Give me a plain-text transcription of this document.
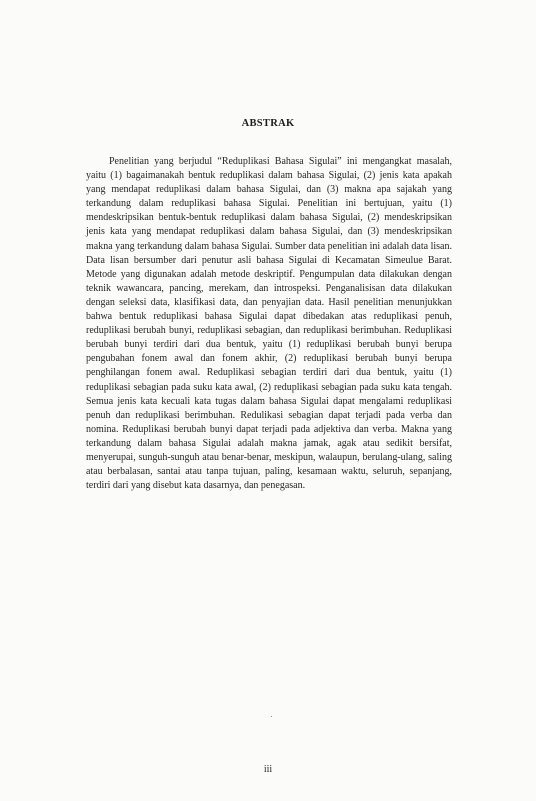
ABSTRAK

Penelitian yang berjudul “Reduplikasi Bahasa Sigulai” ini mengangkat masalah, yaitu (1) bagaimanakah bentuk reduplikasi dalam bahasa Sigulai, (2) jenis kata apakah yang mendapat reduplikasi dalam bahasa Sigulai, dan (3) makna apa sajakah yang terkandung dalam reduplikasi bahasa Sigulai. Penelitian ini bertujuan, yaitu (1) mendeskripsikan bentuk-bentuk reduplikasi dalam bahasa Sigulai, (2) mendeskripsikan jenis kata yang mendapat reduplikasi dalam bahasa Sigulai, dan (3) mendeskripsikan makna yang terkandung dalam bahasa Sigulai. Sumber data penelitian ini adalah data lisan. Data lisan bersumber dari penutur asli bahasa Sigulai di Kecamatan Simeulue Barat. Metode yang digunakan adalah metode deskriptif. Pengumpulan data dilakukan dengan teknik wawancara, pancing, merekam, dan introspeksi. Penganalisisan data dilakukan dengan seleksi data, klasifikasi data, dan penyajian data. Hasil penelitian menunjukkan bahwa bentuk reduplikasi bahasa Sigulai dapat dibedakan atas reduplikasi penuh, reduplikasi berubah bunyi, reduplikasi sebagian, dan reduplikasi berimbuhan. Reduplikasi berubah bunyi terdiri dari dua bentuk, yaitu (1) reduplikasi berubah bunyi berupa pengubahan fonem awal dan fonem akhir, (2) reduplikasi berubah bunyi berupa penghilangan fonem awal. Reduplikasi sebagian terdiri dari dua bentuk, yaitu (1) reduplikasi sebagian pada suku kata awal, (2) reduplikasi sebagian pada suku kata tengah. Semua jenis kata kecuali kata tugas dalam bahasa Sigulai dapat mengalami reduplikasi penuh dan reduplikasi berimbuhan. Redulikasi sebagian dapat terjadi pada verba dan nomina. Reduplikasi berubah bunyi dapat terjadi pada adjektiva dan verba. Makna yang terkandung dalam bahasa Sigulai adalah makna jamak, agak atau sedikit bersifat, menyerupai, sunguh-sunguh atau benar-benar, meskipun, walaupun, berulang-ulang, saling atau berbalasan, santai atau tanpa tujuan, paling, kesamaan waktu, seluruh, sepanjang, terdiri dari yang disebut kata dasarnya, dan penegasan.

iii
